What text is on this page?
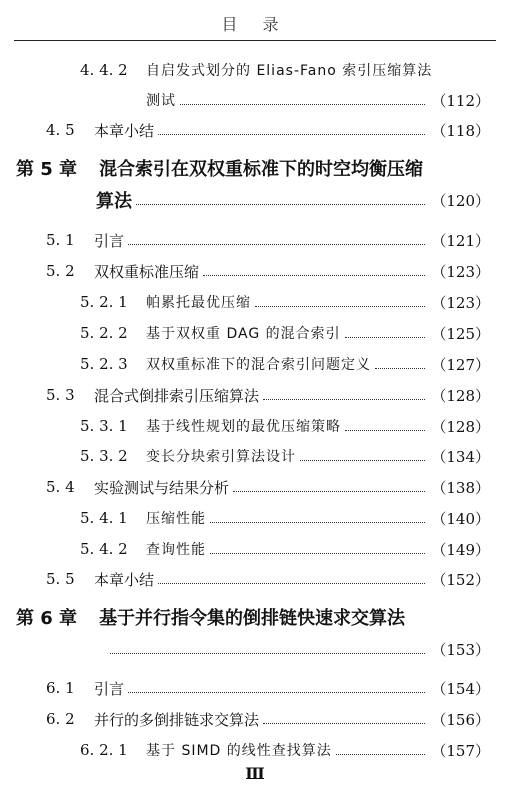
目 录
4. 4. 2	自启发式划分的 Elias-Fano 索引压缩算法
测试	（112）
4. 5	本章小结	（118）
第 5 章 混合索引在双权重标准下的时空均衡压缩
算法	（120）
5. 1	引言	（121）
5. 2	双权重标准压缩	（123）
5. 2. 1	帕累托最优压缩	（123）
5. 2. 2	基于双权重 DAG 的混合索引	（125）
5. 2. 3	双权重标准下的混合索引问题定义	（127）
5. 3	混合式倒排索引压缩算法	（128）
5. 3. 1	基于线性规划的最优压缩策略	（128）
5. 3. 2	变长分块索引算法设计	（134）
5. 4	实验测试与结果分析	（138）
5. 4. 1	压缩性能	（140）
5. 4. 2	查询性能	（149）
5. 5	本章小结	（152）
第 6 章 基于并行指令集的倒排链快速求交算法
（153）
6. 1	引言	（154）
6. 2	并行的多倒排链求交算法	（156）
6. 2. 1	基于 SIMD 的线性查找算法	（157）
Ⅲ
